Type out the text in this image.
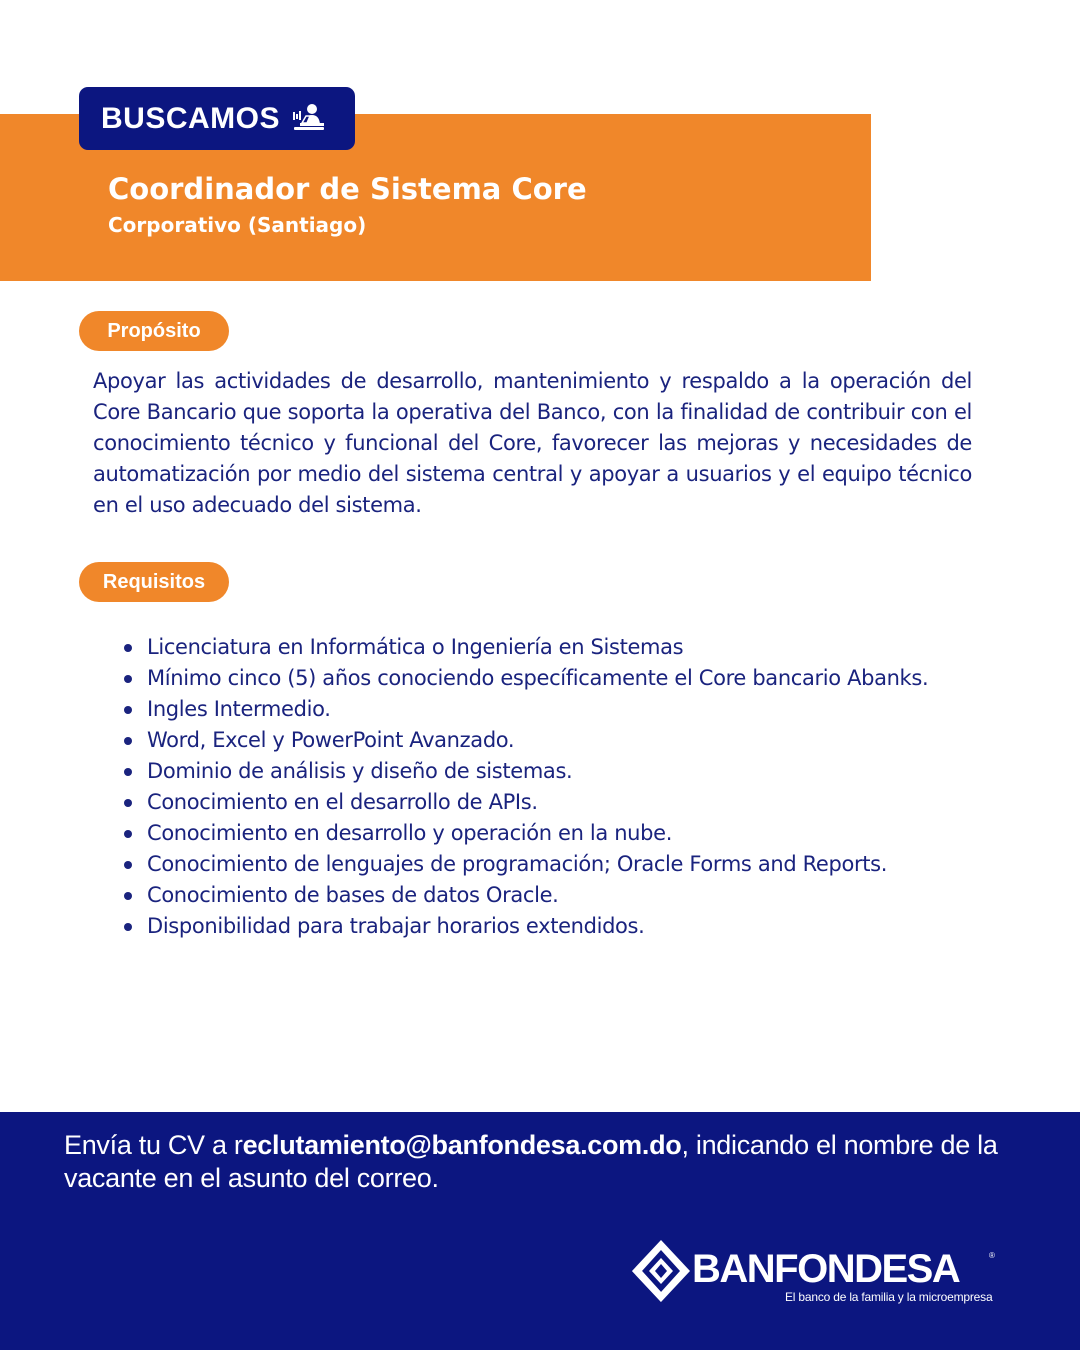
BUSCAMOS
Coordinador de Sistema Core
Corporativo (Santiago)
Propósito

Apoyar las actividades de desarrollo, mantenimiento y respaldo a la operación del Core Bancario que soporta la operativa del Banco, con la finalidad de contribuir con el conocimiento técnico y funcional del Core, favorecer las mejoras y necesidades de automatización por medio del sistema central y apoyar a usuarios y el equipo técnico en el uso adecuado del sistema.

Requisitos
Licenciatura en Informática o Ingeniería en Sistemas
Mínimo cinco (5) años conociendo específicamente el Core bancario Abanks.
Ingles Intermedio.
Word, Excel y PowerPoint Avanzado.
Dominio de análisis y diseño de sistemas.
Conocimiento en el desarrollo de APIs.
Conocimiento en desarrollo y operación en la nube.
Conocimiento de lenguajes de programación; Oracle Forms and Reports.
Conocimiento de bases de datos Oracle.
Disponibilidad para trabajar horarios extendidos.

Envía tu CV a reclutamiento@banfondesa.com.do, indicando el nombre de la vacante en el asunto del correo.

BANFONDESA	®
El banco de la familia y la microempresa
